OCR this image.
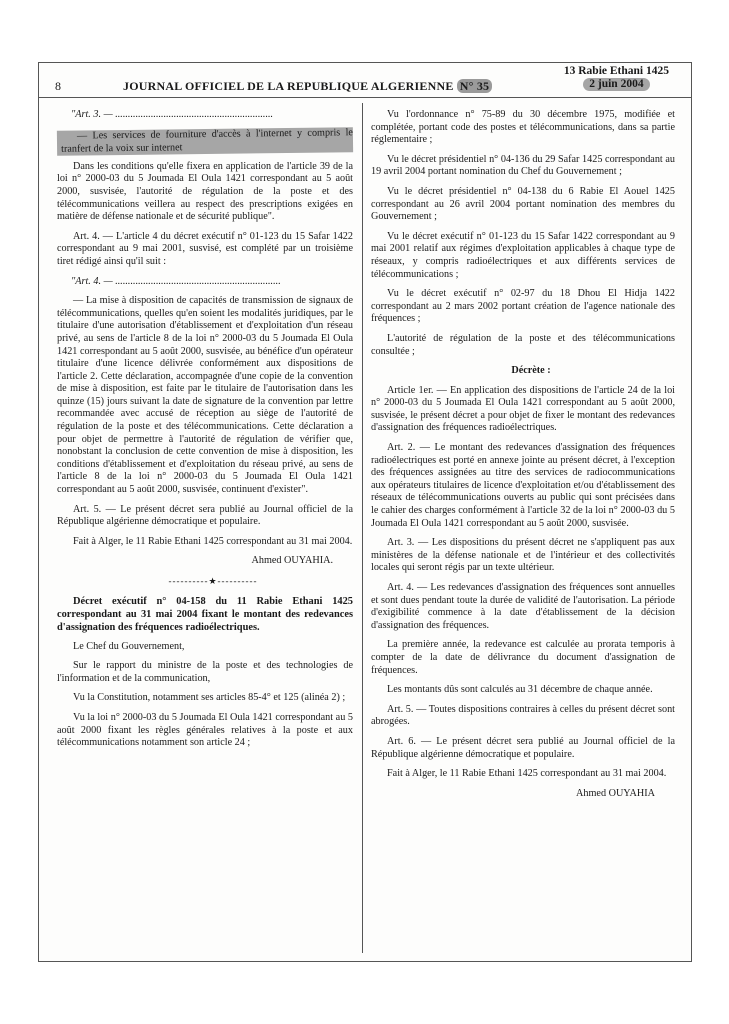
8	JOURNAL OFFICIEL DE LA REPUBLIQUE ALGERIENNE N° 35
13 Rabie Ethani 1425
2 juin 2004

"Art. 3. — ..............................................................

— Les services de fourniture d'accès à l'internet y compris le tranfert de la voix sur internet

Dans les conditions qu'elle fixera en application de l'article 39 de la loi n° 2000-03 du 5 Joumada El Oula 1421 correspondant au 5 août 2000, susvisée, l'autorité de régulation de la poste et des télécommunications veillera au respect des prescriptions exigées en matière de défense nationale et de sécurité publique".

Art. 4. — L'article 4 du décret exécutif n° 01-123 du 15 Safar 1422 correspondant au 9 mai 2001, susvisé, est complété par un troisième tiret rédigé ainsi qu'il suit :

"Art. 4. — .................................................................

— La mise à disposition de capacités de transmission de signaux de télécommunications, quelles qu'en soient les modalités juridiques, par le titulaire d'une autorisation d'établissement et d'exploitation d'un réseau privé, au sens de l'article 8 de la loi n° 2000-03 du 5 Joumada El Oula 1421 correspondant au 5 août 2000, susvisée, au bénéfice d'un opérateur titulaire d'une licence délivrée conformément aux dispositions de l'article 2. Cette déclaration, accompagnée d'une copie de la convention de mise à disposition, est faite par le titulaire de l'autorisation dans les quinze (15) jours suivant la date de signature de la convention par lettre recommandée avec accusé de réception au siège de l'autorité de régulation de la poste et des télécommunications. Cette déclaration a pour objet de permettre à l'autorité de régulation de vérifier que, nonobstant la conclusion de cette convention de mise à disposition, les conditions d'établissement et d'exploitation du réseau privé, au sens de l'article 8 de la loi n° 2000-03 du 5 Joumada El Oula 1421 correspondant au 5 août 2000, susvisée, continuent d'exister".

Art. 5. — Le présent décret sera publié au Journal officiel de la République algérienne démocratique et populaire.

Fait à Alger, le 11 Rabie Ethani 1425 correspondant au 31 mai 2004.

Ahmed OUYAHIA.

----------★----------

Décret exécutif n° 04-158 du 11 Rabie Ethani 1425 correspondant au 31 mai 2004 fixant le montant des redevances d'assignation des fréquences radioélectriques.

Le Chef du Gouvernement,

Sur le rapport du ministre de la poste et des technologies de l'information et de la communication,

Vu la Constitution, notamment ses articles 85-4° et 125 (alinéa 2) ;

Vu la loi n° 2000-03 du 5 Joumada El Oula 1421 correspondant au 5 août 2000 fixant les règles générales relatives à la poste et aux télécommunications notamment son article 24 ;

Vu l'ordonnance n° 75-89 du 30 décembre 1975, modifiée et complétée, portant code des postes et télécommunications, dans sa partie réglementaire ;

Vu le décret présidentiel n° 04-136 du 29 Safar 1425 correspondant au 19 avril 2004 portant nomination du Chef du Gouvernement ;

Vu le décret présidentiel n° 04-138 du 6 Rabie El Aouel 1425 correspondant au 26 avril 2004 portant nomination des membres du Gouvernement ;

Vu le décret exécutif n° 01-123 du 15 Safar 1422 correspondant au 9 mai 2001 relatif aux régimes d'exploitation applicables à chaque type de réseaux, y compris radioélectriques et aux différents services de télécommunications ;

Vu le décret exécutif n° 02-97 du 18 Dhou El Hidja 1422 correspondant au 2 mars 2002 portant création de l'agence nationale des fréquences ;

L'autorité de régulation de la poste et des télécommunications consultée ;

Décrète :

Article 1er. — En application des dispositions de l'article 24 de la loi n° 2000-03 du 5 Joumada El Oula 1421 correspondant au 5 août 2000, susvisée, le présent décret a pour objet de fixer le montant des redevances d'assignation des fréquences radioélectriques.

Art. 2. — Le montant des redevances d'assignation des fréquences radioélectriques est porté en annexe jointe au présent décret, à l'exception des fréquences assignées au titre des services de radiocommunications aux opérateurs titulaires de licence d'exploitation et/ou d'établissement des réseaux de télécommunications ouverts au public qui sont précisées dans le cahier des charges conformément à l'article 32 de la loi n° 2000-03 du 5 Joumada El Oula 1421 correspondant au 5 août 2000, susvisée.

Art. 3. — Les dispositions du présent décret ne s'appliquent pas aux ministères de la défense nationale et de l'intérieur et des collectivités locales qui seront régis par un texte ultérieur.

Art. 4. — Les redevances d'assignation des fréquences sont annuelles et sont dues pendant toute la durée de validité de l'autorisation. La période d'exigibilité commence à la date d'établissement de la décision d'assignation des fréquences.

La première année, la redevance est calculée au prorata temporis à compter de la date de délivrance du document d'assignation de fréquences.

Les montants dûs sont calculés au 31 décembre de chaque année.

Art. 5. — Toutes dispositions contraires à celles du présent décret sont abrogées.

Art. 6. — Le présent décret sera publié au Journal officiel de la République algérienne démocratique et populaire.

Fait à Alger, le 11 Rabie Ethani 1425 correspondant au 31 mai 2004.

Ahmed OUYAHIA
